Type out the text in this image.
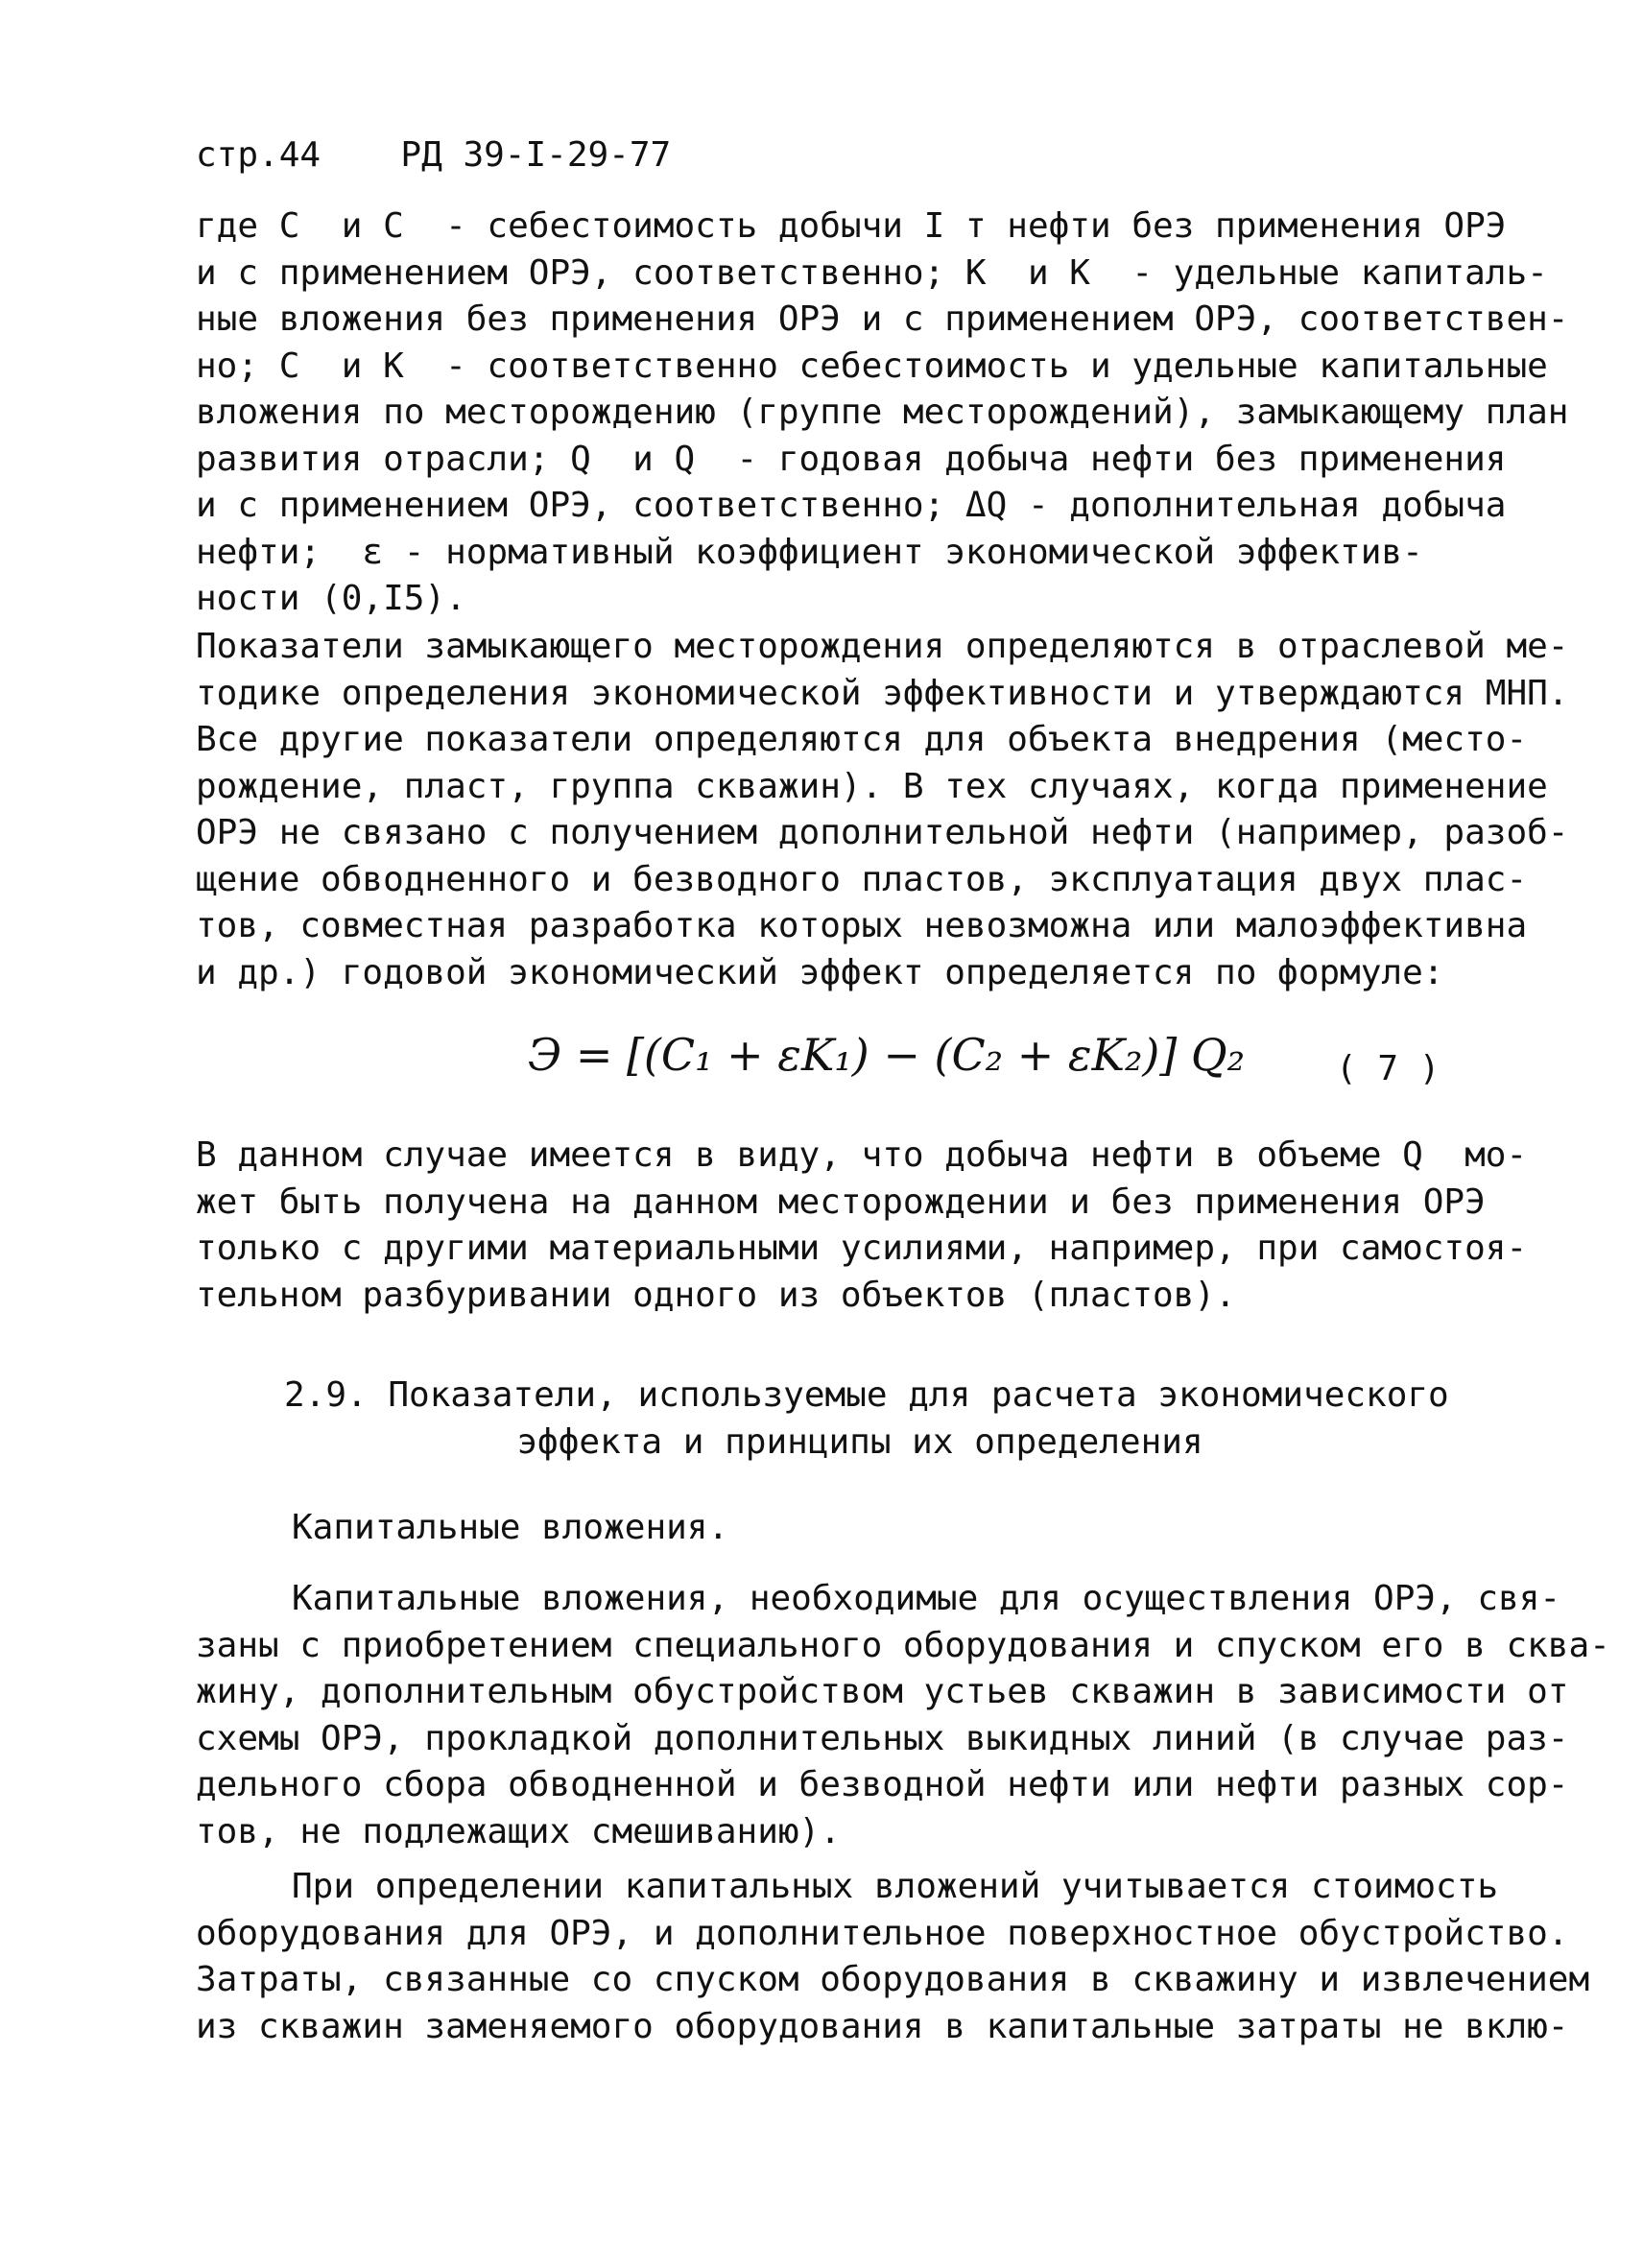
стр.44 РД 39-I-29-77
где C  и C  - себестоимость добычи I т нефти без применения ОРЭ
и с применением ОРЭ, соответственно; K  и K  - удельные капиталь-
ные вложения без применения ОРЭ и с применением ОРЭ, соответствен-
но; C  и K  - соответственно себестоимость и удельные капитальные
вложения по месторождению (группе месторождений), замыкающему план
развития отрасли; Q  и Q  - годовая добыча нефти без применения
и с применением ОРЭ, соответственно; ΔQ - дополнительная добыча
нефти;  ε - нормативный коэффициент экономической эффектив-
ности (0,I5).
Показатели замыкающего месторождения определяются в отраслевой ме-
тодике определения экономической эффективности и утверждаются МНП.
Все другие показатели определяются для объекта внедрения (место-
рождение, пласт, группа скважин). В тех случаях, когда применение
ОРЭ не связано с получением дополнительной нефти (например, разоб-
щение обводненного и безводного пластов, эксплуатация двух плас-
тов, совместная разработка которых невозможна или малоэффективна
и др.) годовой экономический эффект определяется по формуле:
Э = [(C₁ + εK₁) − (C₂ + εK₂)] Q₂	( 7 )
В данном случае имеется в виду, что добыча нефти в объеме Q  мо-
жет быть получена на данном месторождении и без применения ОРЭ
только с другими материальными усилиями, например, при самостоя-
тельном разбуривании одного из объектов (пластов).
2.9. Показатели, используемые для расчета экономического
эффекта и принципы их определения
Капитальные вложения.
Капитальные вложения, необходимые для осуществления ОРЭ, свя-
заны с приобретением специального оборудования и спуском его в сква-
жину, дополнительным обустройством устьев скважин в зависимости от
схемы ОРЭ, прокладкой дополнительных выкидных линий (в случае раз-
дельного сбора обводненной и безводной нефти или нефти разных сор-
тов, не подлежащих смешиванию).
При определении капитальных вложений учитывается стоимость
оборудования для ОРЭ, и дополнительное поверхностное обустройство.
Затраты, связанные со спуском оборудования в скважину и извлечением
из скважин заменяемого оборудования в капитальные затраты не вклю-
